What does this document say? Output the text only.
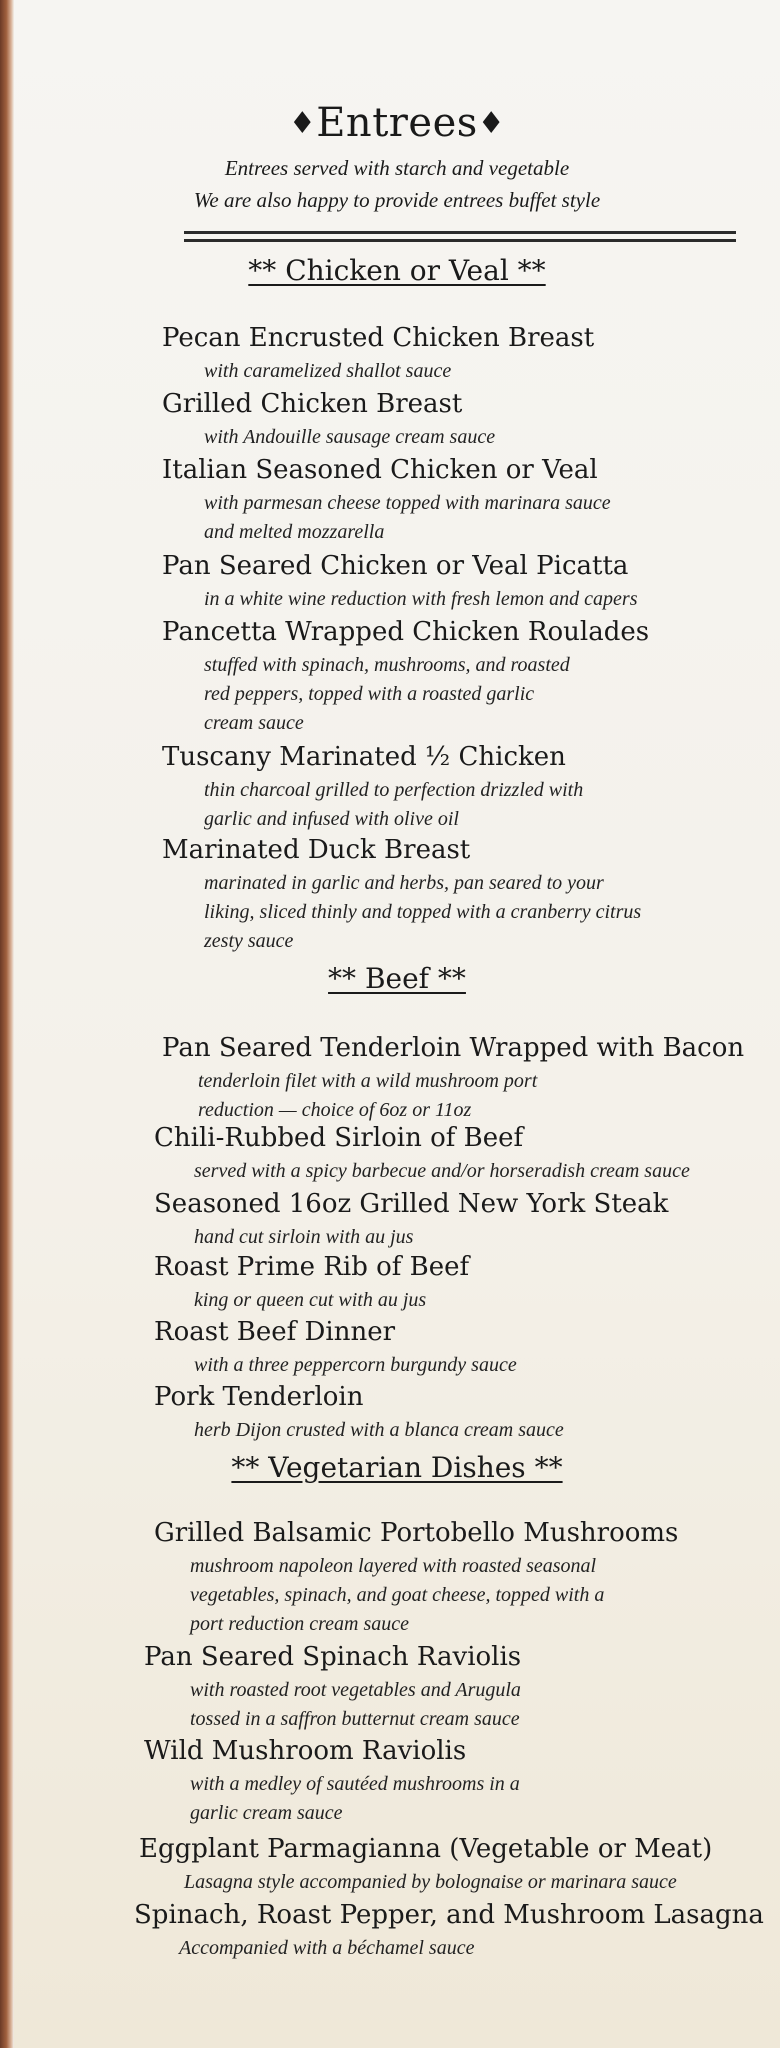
♦Entrees♦
Entrees served with starch and vegetable
We are also happy to provide entrees buffet style
** Chicken or Veal **
Pecan Encrusted Chicken Breast
with caramelized shallot sauce
Grilled Chicken Breast
with Andouille sausage cream sauce
Italian Seasoned Chicken or Veal
with parmesan cheese topped with marinara sauce
and melted mozzarella
Pan Seared Chicken or Veal Picatta
in a white wine reduction with fresh lemon and capers
Pancetta Wrapped Chicken Roulades
stuffed with spinach, mushrooms, and roasted
red peppers, topped with a roasted garlic
cream sauce
Tuscany Marinated ½ Chicken
thin charcoal grilled to perfection drizzled with
garlic and infused with olive oil
Marinated Duck Breast
marinated in garlic and herbs, pan seared to your
liking, sliced thinly and topped with a cranberry citrus
zesty sauce
** Beef **
Pan Seared Tenderloin Wrapped with Bacon
tenderloin filet with a wild mushroom port
reduction — choice of 6oz or 11oz
Chili-Rubbed Sirloin of Beef
served with a spicy barbecue and/or horseradish cream sauce
Seasoned 16oz Grilled New York Steak
hand cut sirloin with au jus
Roast Prime Rib of Beef
king or queen cut with au jus
Roast Beef Dinner
with a three peppercorn burgundy sauce
Pork Tenderloin
herb Dijon crusted with a blanca cream sauce
** Vegetarian Dishes **
Grilled Balsamic Portobello Mushrooms
mushroom napoleon layered with roasted seasonal
vegetables, spinach, and goat cheese, topped with a
port reduction cream sauce
Pan Seared Spinach Raviolis
with roasted root vegetables and Arugula
tossed in a saffron butternut cream sauce
Wild Mushroom Raviolis
with a medley of sautéed mushrooms in a
garlic cream sauce
Eggplant Parmagianna (Vegetable or Meat)
Lasagna style accompanied by bolognaise or marinara sauce
Spinach, Roast Pepper, and Mushroom Lasagna
Accompanied with a béchamel sauce
